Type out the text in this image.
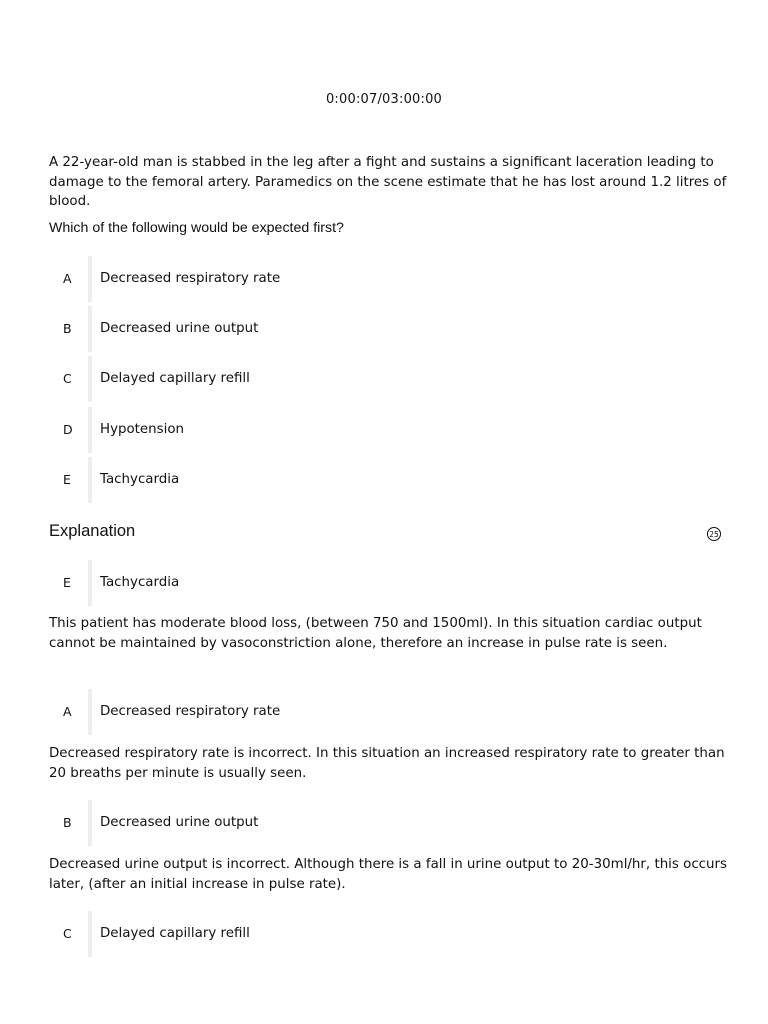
0:00:07/03:00:00
A 22-year-old man is stabbed in the leg after a fight and sustains a significant laceration leading to damage to the femoral artery. Paramedics on the scene estimate that he has lost around 1.2 litres of blood.
Which of the following would be expected first?
A Decreased respiratory rate
B Decreased urine output
C Delayed capillary refill
D Hypotension
E	Tachycardia
Explanation	25
E	Tachycardia
This patient has moderate blood loss, (between 750 and 1500ml). In this situation cardiac output cannot be maintained by vasoconstriction alone, therefore an increase in pulse rate is seen.
A Decreased respiratory rate
Decreased respiratory rate is incorrect. In this situation an increased respiratory rate to greater than 20 breaths per minute is usually seen.
B Decreased urine output
Decreased urine output is incorrect. Although there is a fall in urine output to 20-30ml/hr, this occurs later, (after an initial increase in pulse rate).
C Delayed capillary refill
